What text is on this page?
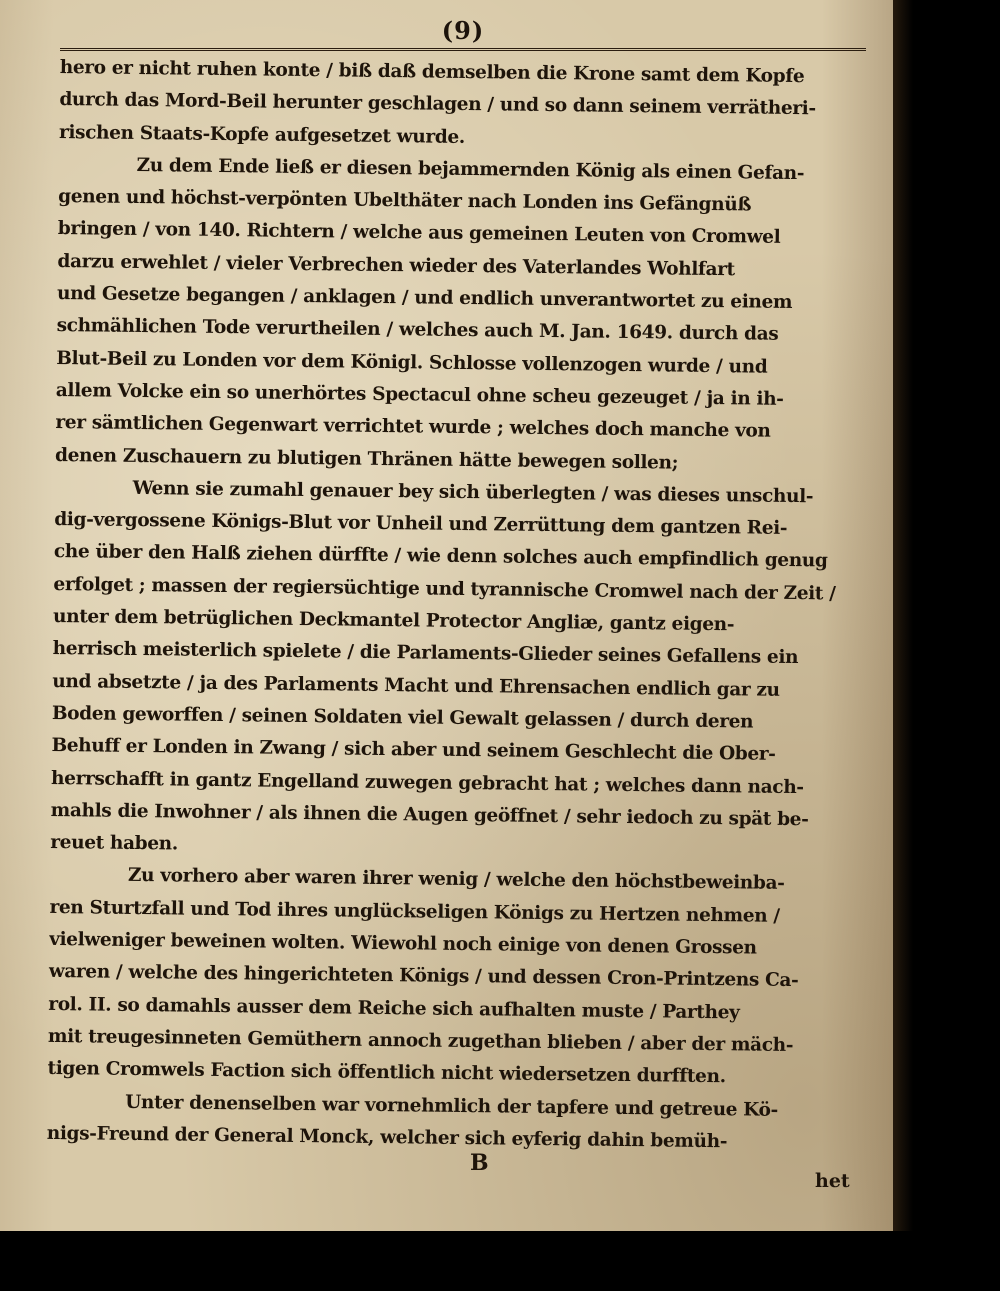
(9)
hero er nicht ruhen konte / biß daß demselben die Krone samt dem Kopfe
durch das Mord-Beil herunter geschlagen / und so dann seinem verrätheri-
rischen Staats-Kopfe aufgesetzet wurde.
Zu dem Ende ließ er diesen bejammernden König als einen Gefan-
genen und höchst-verpönten Ubelthäter nach Londen ins Gefängnüß
bringen / von 140. Richtern / welche aus gemeinen Leuten von Cromwel
darzu erwehlet / vieler Verbrechen wieder des Vaterlandes Wohlfart
und Gesetze begangen / anklagen / und endlich unverantwortet zu einem
schmählichen Tode verurtheilen / welches auch M. Jan. 1649. durch das
Blut-Beil zu Londen vor dem Königl. Schlosse vollenzogen wurde / und
allem Volcke ein so unerhörtes Spectacul ohne scheu gezeuget / ja in ih-
rer sämtlichen Gegenwart verrichtet wurde ; welches doch manche von
denen Zuschauern zu blutigen Thränen hätte bewegen sollen;
Wenn sie zumahl genauer bey sich überlegten / was dieses unschul-
dig-vergossene Königs-Blut vor Unheil und Zerrüttung dem gantzen Rei-
che über den Halß ziehen dürffte / wie denn solches auch empfindlich genug
erfolget ; massen der regiersüchtige und tyrannische Cromwel nach der Zeit /
unter dem betrüglichen Deckmantel Protector Angliæ, gantz eigen-
herrisch meisterlich spielete / die Parlaments-Glieder seines Gefallens ein
und absetzte / ja des Parlaments Macht und Ehrensachen endlich gar zu
Boden geworffen / seinen Soldaten viel Gewalt gelassen / durch deren
Behuff er Londen in Zwang / sich aber und seinem Geschlecht die Ober-
herrschafft in gantz Engelland zuwegen gebracht hat ; welches dann nach-
mahls die Inwohner / als ihnen die Augen geöffnet / sehr iedoch zu spät be-
reuet haben.
Zu vorhero aber waren ihrer wenig / welche den höchstbeweinba-
ren Sturtzfall und Tod ihres unglückseligen Königs zu Hertzen nehmen /
vielweniger beweinen wolten. Wiewohl noch einige von denen Grossen
waren / welche des hingerichteten Königs / und dessen Cron-Printzens Ca-
rol. II. so damahls ausser dem Reiche sich aufhalten muste / Parthey
mit treugesinneten Gemüthern annoch zugethan blieben / aber der mäch-
tigen Cromwels Faction sich öffentlich nicht wiedersetzen durfften.
Unter denenselben war vornehmlich der tapfere und getreue Kö-
nigs-Freund der General Monck, welcher sich eyferig dahin bemüh-
B
het
